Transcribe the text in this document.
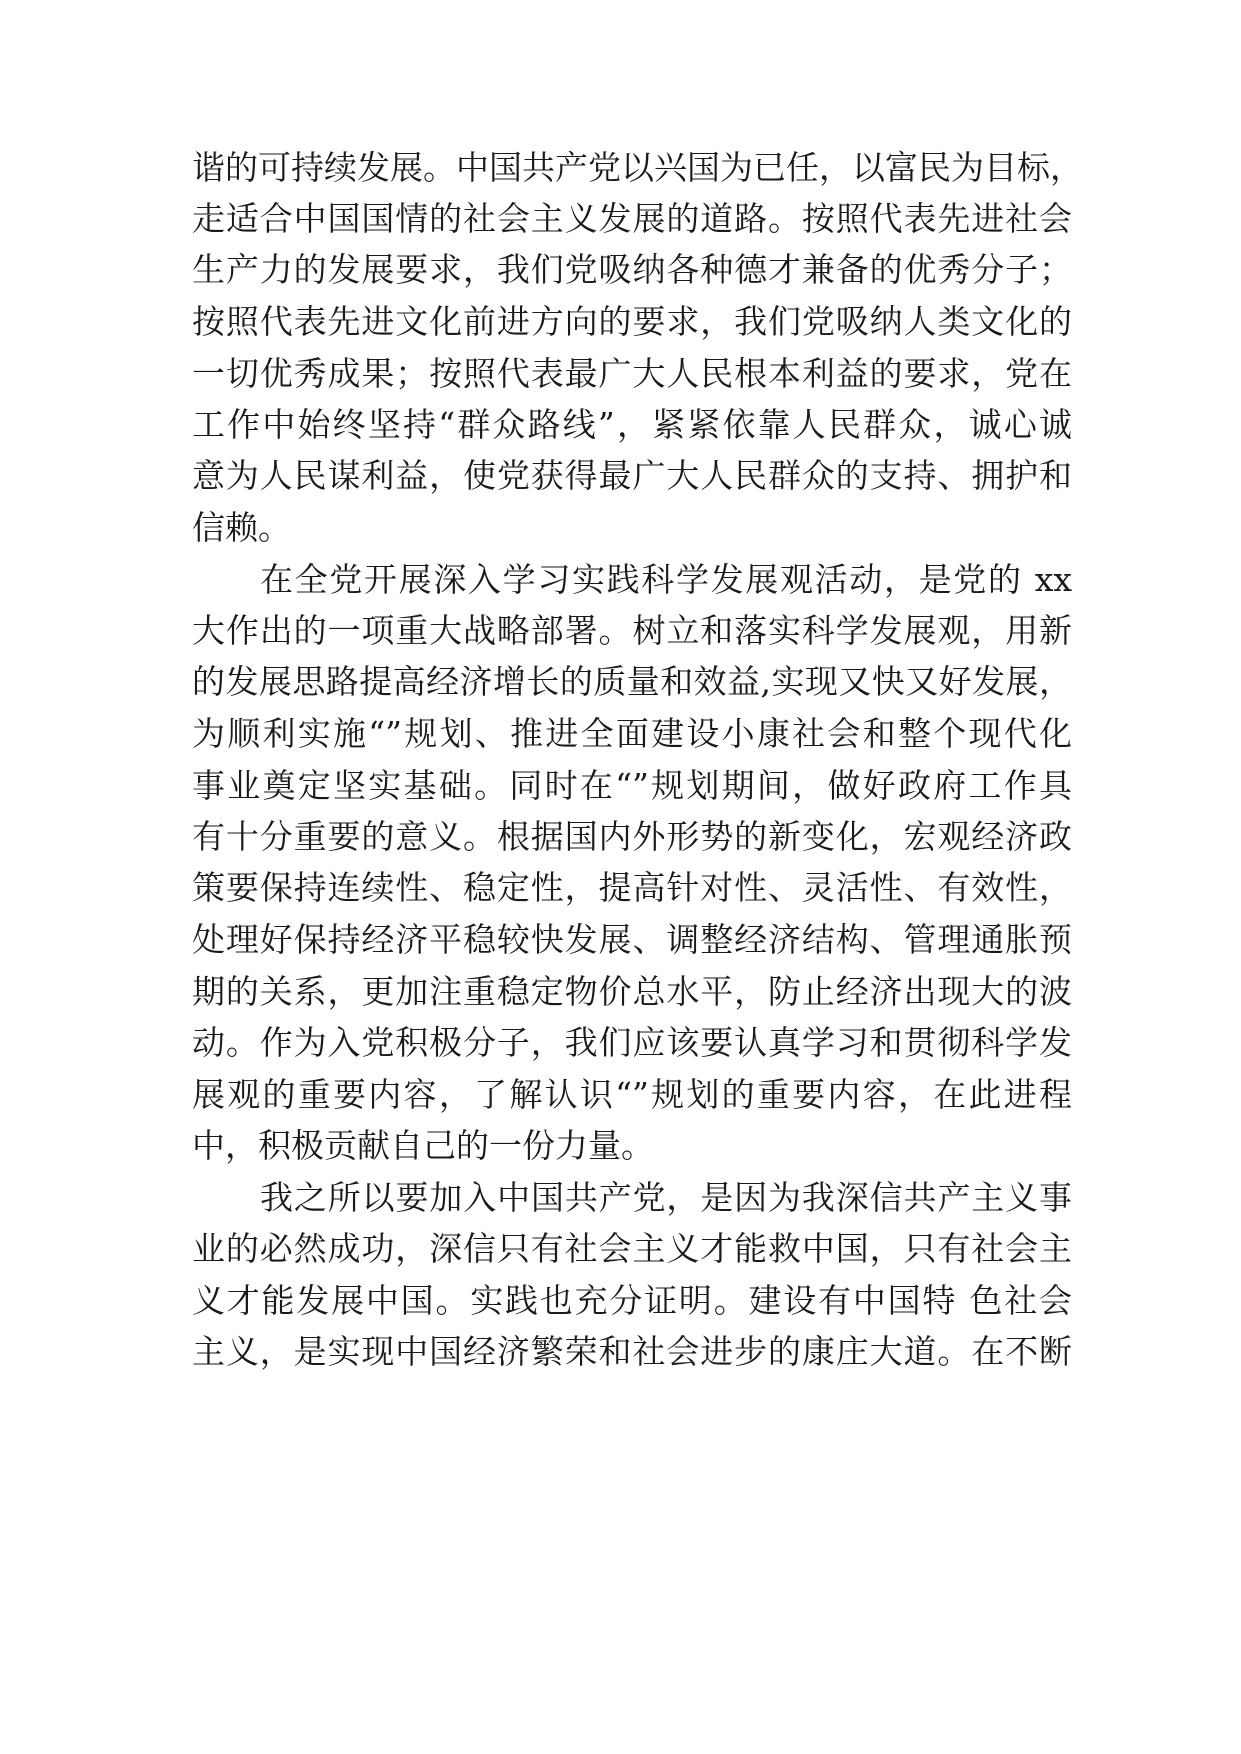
谐的可持续发展。中国共产党以兴国为已任，以富民为目标，
走适合中国国情的社会主义发展的道路。按照代表先进社会
生产力的发展要求，我们党吸纳各种德才兼备的优秀分子；
按照代表先进文化前进方向的要求，我们党吸纳人类文化的
一切优秀成果；按照代表最广大人民根本利益的要求，党在
工作中始终坚持“群众路线”，紧紧依靠人民群众，诚心诚
意为人民谋利益，使党获得最广大人民群众的支持、拥护和
信赖。
在全党开展深入学习实践科学发展观活动，是党的 xx
大作出的一项重大战略部署。树立和落实科学发展观，用新
的发展思路提高经济增长的质量和效益,实现又快又好发展，
为顺利实施“”规划、推进全面建设小康社会和整个现代化
事业奠定坚实基础。同时在“”规划期间，做好政府工作具
有十分重要的意义。根据国内外形势的新变化，宏观经济政
策要保持连续性、稳定性，提高针对性、灵活性、有效性，
处理好保持经济平稳较快发展、调整经济结构、管理通胀预
期的关系，更加注重稳定物价总水平，防止经济出现大的波
动。作为入党积极分子，我们应该要认真学习和贯彻科学发
展观的重要内容，了解认识“”规划的重要内容，在此进程
中，积极贡献自己的一份力量。
我之所以要加入中国共产党，是因为我深信共产主义事
业的必然成功，深信只有社会主义才能救中国，只有社会主
义才能发展中国。实践也充分证明。建设有中国特 色社会
主义，是实现中国经济繁荣和社会进步的康庄大道。在不断
